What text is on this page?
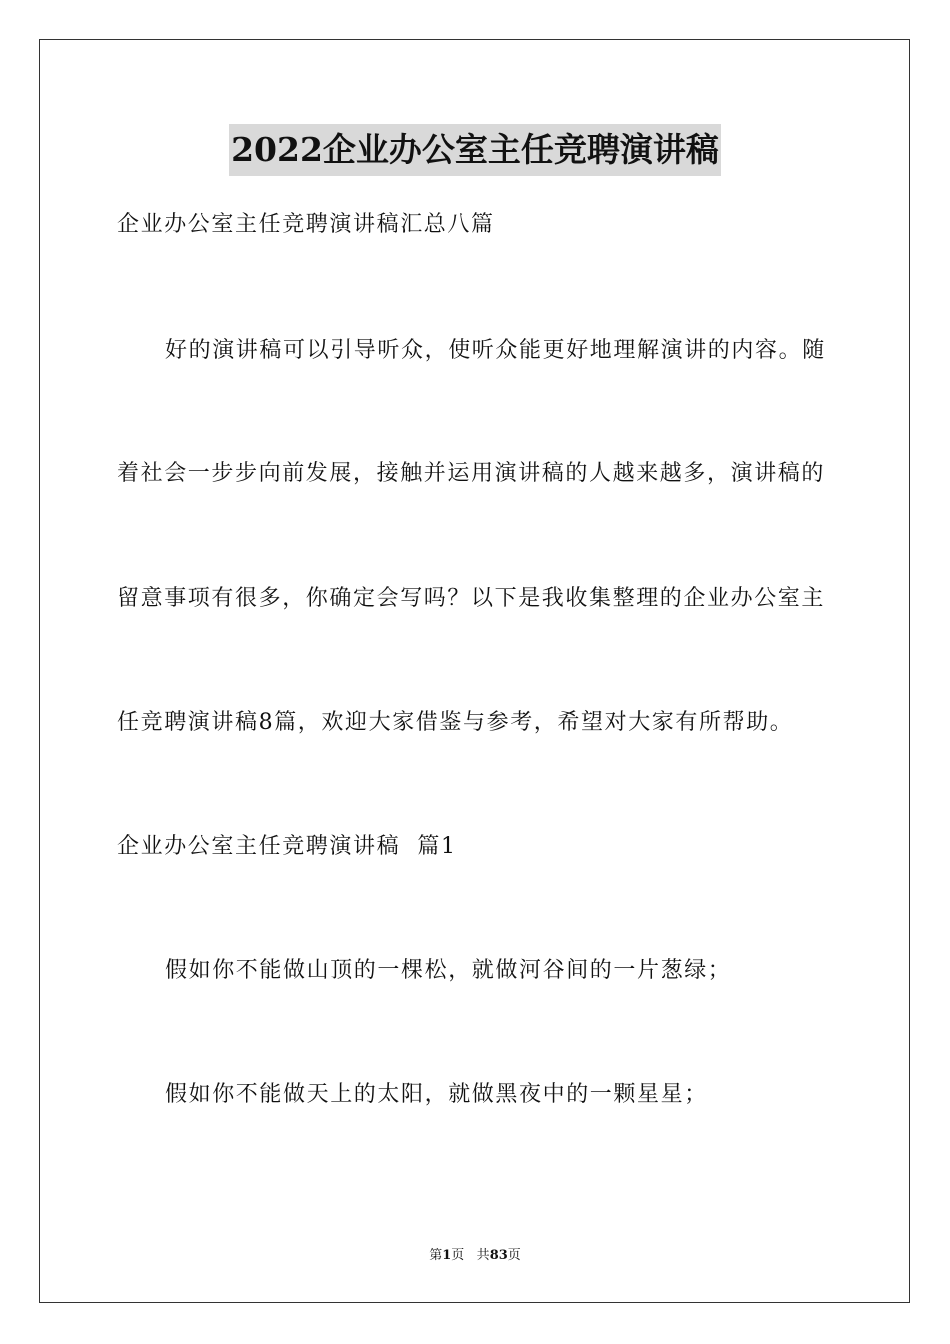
2022企业办公室主任竞聘演讲稿
企业办公室主任竞聘演讲稿汇总八篇
好的演讲稿可以引导听众，使听众能更好地理解演讲的内容。随
着社会一步步向前发展，接触并运用演讲稿的人越来越多，演讲稿的
留意事项有很多，你确定会写吗？以下是我收集整理的企业办公室主
任竞聘演讲稿8篇，欢迎大家借鉴与参考，希望对大家有所帮助。
企业办公室主任竞聘演讲稿  篇1
假如你不能做山顶的一棵松，就做河谷间的一片葱绿；
假如你不能做天上的太阳，就做黑夜中的一颗星星；
第1页 共83页
